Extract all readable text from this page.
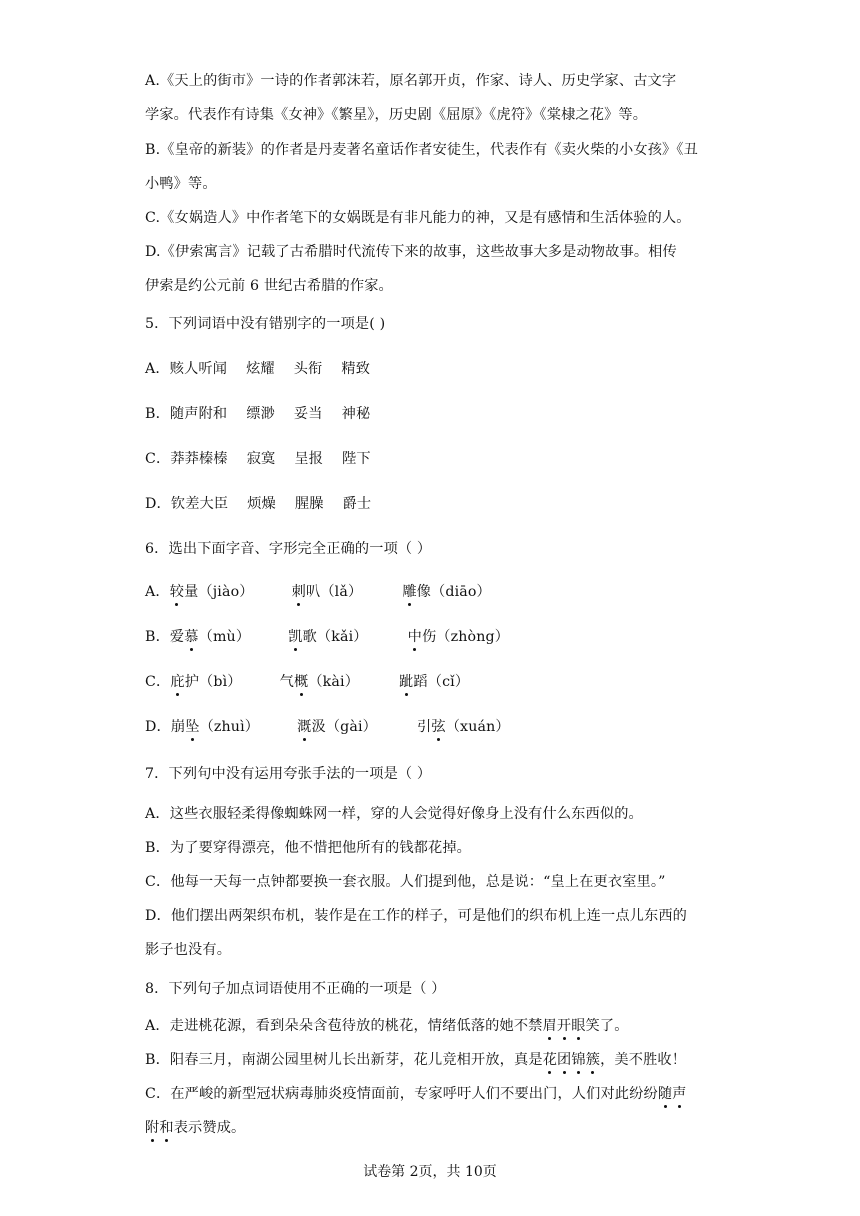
A.《天上的街市》一诗的作者郭沫若，原名郭开贞，作家、诗人、历史学家、古文字
学家。代表作有诗集《女神》《繁星》，历史剧《屈原》《虎符》《棠棣之花》等。
B.《皇帝的新装》的作者是丹麦著名童话作者安徒生，代表作有《卖火柴的小女孩》《丑
小鸭》等。
C.《女娲造人》中作者笔下的女娲既是有非凡能力的神，又是有感情和生活体验的人。
D.《伊索寓言》记载了古希腊时代流传下来的故事，这些故事大多是动物故事。相传
伊索是约公元前 6 世纪古希腊的作家。
5．下列词语中没有错别字的一项是( )
A．赅人听闻　 炫耀　 头衔　 精致
B．随声附和　 缥渺　 妥当　 神秘
C．莽莽榛榛　 寂寞　 呈报　 陛下
D．钦差大臣　 烦燥　 腥臊　 爵士
6．选出下面字音、字形完全正确的一项（ ）
A．较量（jiào）	刺叭（lǎ）	雕像（diāo）
B．爱慕（mù）	凯歌（kǎi）	中伤（zhòng）
C．庇护（bì）	气概（kài）	跐蹈（cǐ）
D．崩坠（zhuì）	溉汲（gài）	引弦（xuán）
7．下列句中没有运用夸张手法的一项是（ ）
A．这些衣服轻柔得像蜘蛛网一样，穿的人会觉得好像身上没有什么东西似的。
B．为了要穿得漂亮，他不惜把他所有的钱都花掉。
C．他每一天每一点钟都要换一套衣服。人们提到他，总是说：“皇上在更衣室里。”
D．他们摆出两架织布机，装作是在工作的样子，可是他们的织布机上连一点儿东西的
影子也没有。
8．下列句子加点词语使用不正确的一项是（ ）
A．走进桃花源，看到朵朵含苞待放的桃花，情绪低落的她不禁眉开眼笑了。
B．阳春三月，南湖公园里树儿长出新芽，花儿竞相开放，真是花团锦簇，美不胜收！
C．在严峻的新型冠状病毒肺炎疫情面前，专家呼吁人们不要出门，人们对此纷纷随声
附和表示赞成。
试卷第 2页，共 10页
